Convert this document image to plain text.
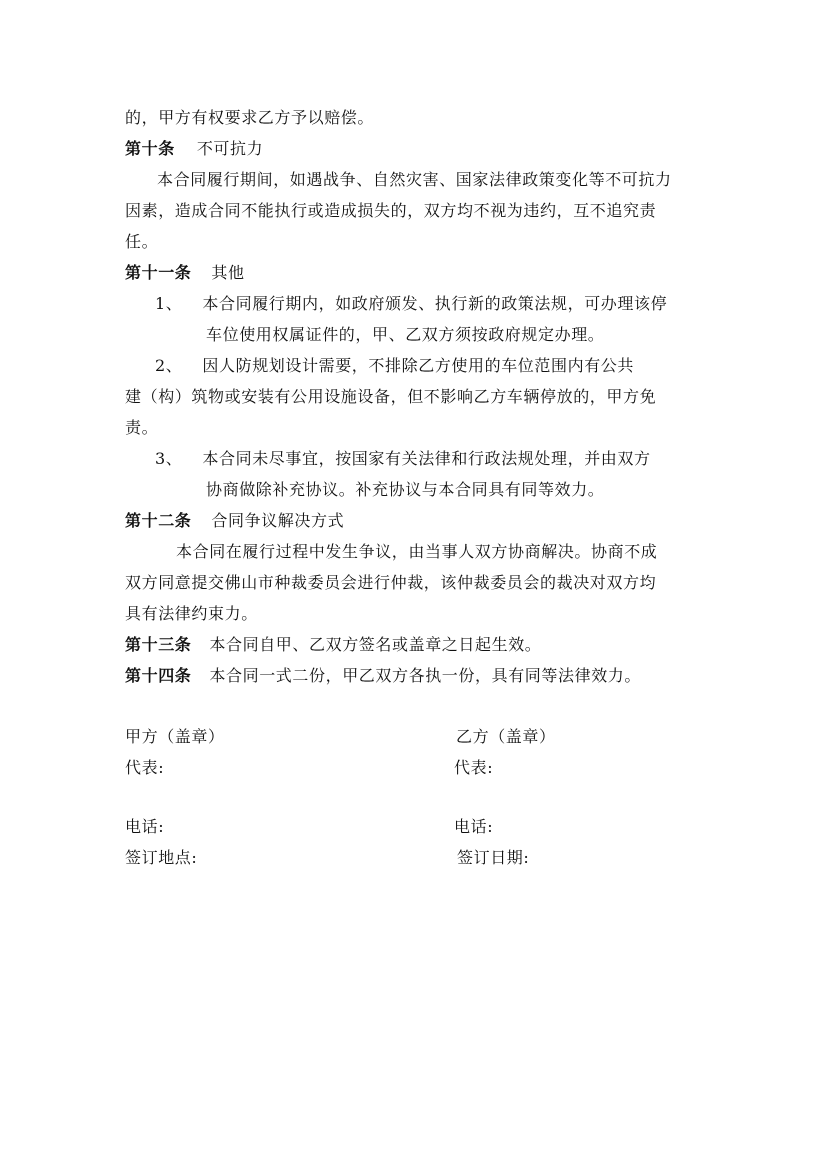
的，甲方有权要求乙方予以赔偿。
第十条 不可抗力
本合同履行期间，如遇战争、自然灾害、国家法律政策变化等不可抗力
因素，造成合同不能执行或造成损失的，双方均不视为违约，互不追究责
任。
第十一条 其他
1、 本合同履行期内，如政府颁发、执行新的政策法规，可办理该停
车位使用权属证件的，甲、乙双方须按政府规定办理。
2、 因人防规划设计需要，不排除乙方使用的车位范围内有公共
建（构）筑物或安装有公用设施设备，但不影响乙方车辆停放的，甲方免
责。
3、 本合同未尽事宜，按国家有关法律和行政法规处理，并由双方
协商做除补充协议。补充协议与本合同具有同等效力。
第十二条 合同争议解决方式
本合同在履行过程中发生争议，由当事人双方协商解决。协商不成
双方同意提交佛山市种裁委员会进行仲裁，该仲裁委员会的裁决对双方均
具有法律约束力。
第十三条 本合同自甲、乙双方签名或盖章之日起生效。
第十四条 本合同一式二份，甲乙双方各执一份，具有同等法律效力。
甲方（盖章）	乙方（盖章）
代表:	代表:
电话:	电话:
签订地点:	签订日期:
